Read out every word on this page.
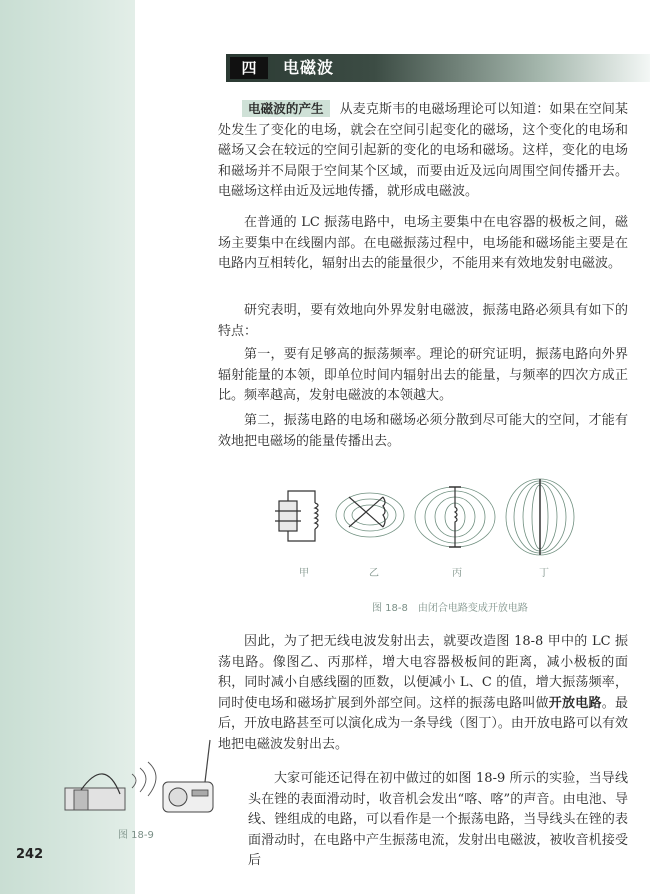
242
四	电磁波

电磁波的产生 从麦克斯韦的电磁场理论可以知道：如果在空间某处发生了变化的电场，就会在空间引起变化的磁场，这个变化的电场和磁场又会在较远的空间引起新的变化的电场和磁场。这样，变化的电场和磁场并不局限于空间某个区域，而要由近及远向周围空间传播开去。电磁场这样由近及远地传播，就形成电磁波。

在普通的 LC 振荡电路中，电场主要集中在电容器的极板之间，磁场主要集中在线圈内部。在电磁振荡过程中，电场能和磁场能主要是在电路内互相转化，辐射出去的能量很少，不能用来有效地发射电磁波。

研究表明，要有效地向外界发射电磁波，振荡电路必须具有如下的特点：

第一，要有足够高的振荡频率。理论的研究证明，振荡电路向外界辐射能量的本领，即单位时间内辐射出去的能量，与频率的四次方成正比。频率越高，发射电磁波的本领越大。

第二，振荡电路的电场和磁场必须分散到尽可能大的空间，才能有效地把电磁场的能量传播出去。

甲	乙	丙	丁
图 18-8　由闭合电路变成开放电路

因此，为了把无线电波发射出去，就要改造图 18-8 甲中的 LC 振荡电路。像图乙、丙那样，增大电容器极板间的距离，减小极板的面积，同时减小自感线圈的匝数，以便减小 L、C 的值，增大振荡频率，同时使电场和磁场扩展到外部空间。这样的振荡电路叫做开放电路。最后，开放电路甚至可以演化成为一条导线（图丁）。由开放电路可以有效地把电磁波发射出去。

大家可能还记得在初中做过的如图 18-9 所示的实验，当导线头在锉的表面滑动时，收音机会发出“喀、喀”的声音。由电池、导线、锉组成的电路，可以看作是一个振荡电路，当导线头在锉的表面滑动时，在电路中产生振荡电流，发射出电磁波，被收音机接受后

图 18-9
